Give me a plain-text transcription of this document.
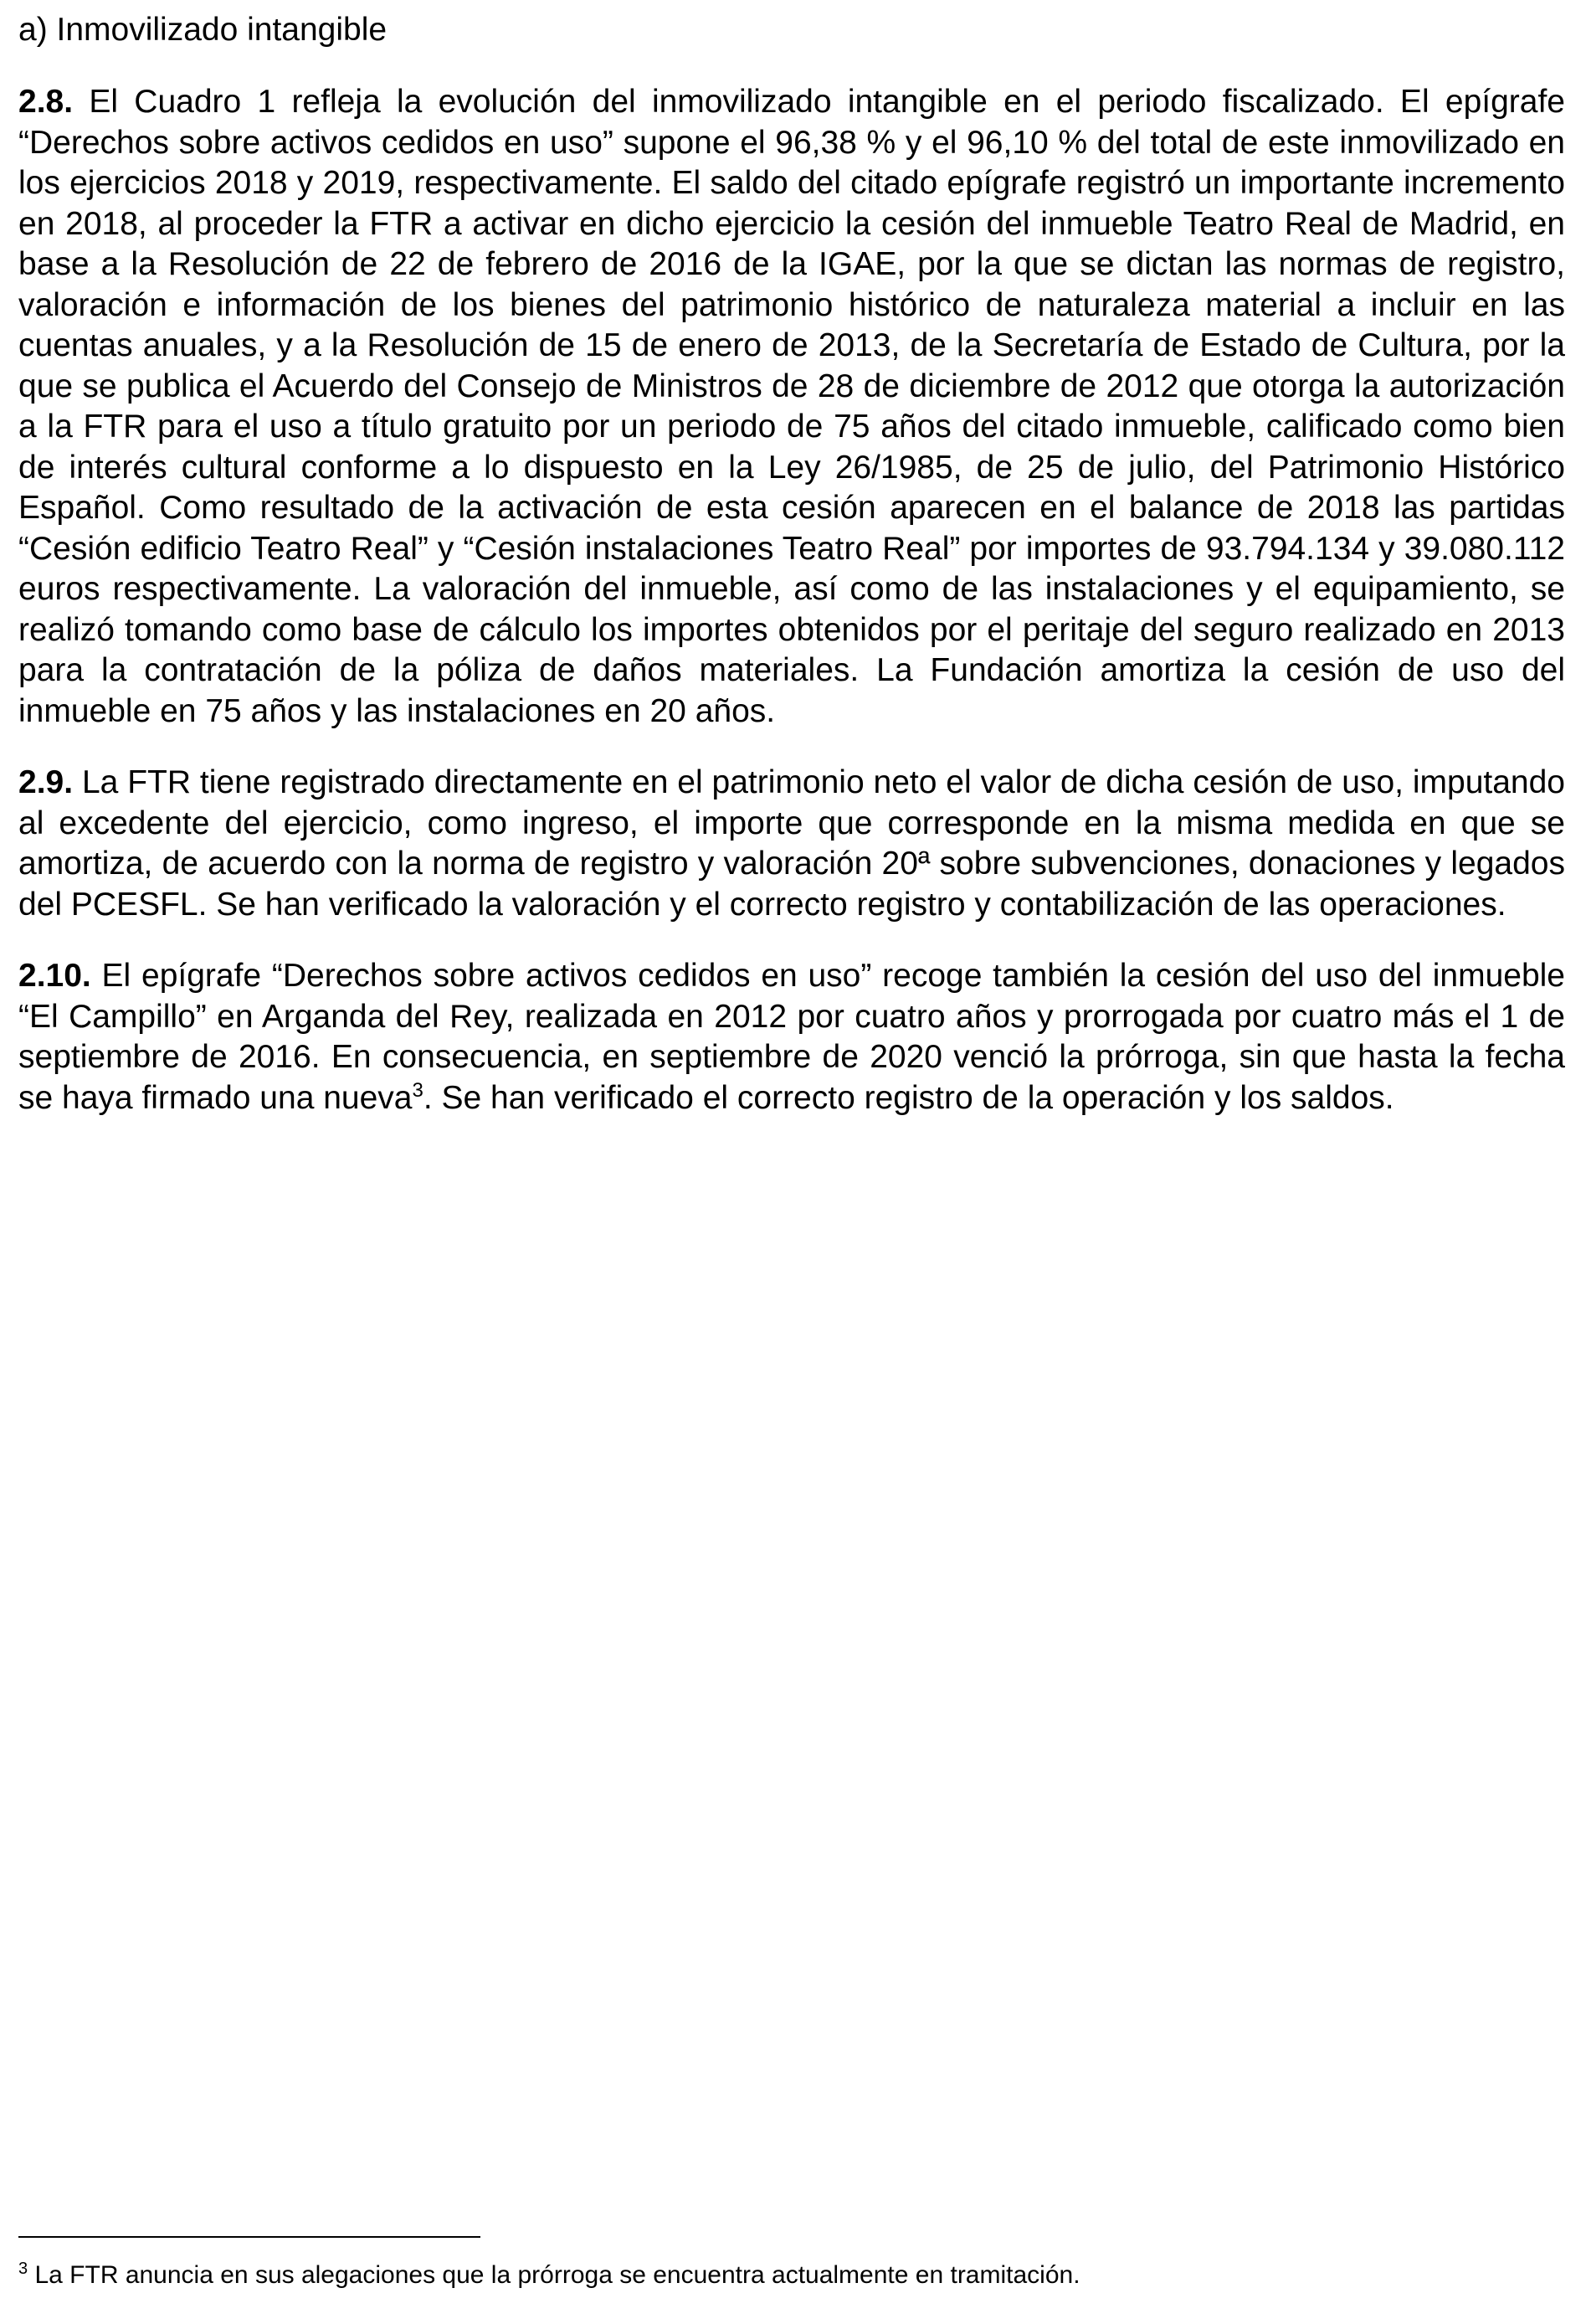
a) Inmovilizado intangible

2.8. El Cuadro 1 refleja la evolución del inmovilizado intangible en el periodo fiscalizado. El epígrafe “Derechos sobre activos cedidos en uso” supone el 96,38 % y el 96,10 % del total de este inmovilizado en los ejercicios 2018 y 2019, respectivamente. El saldo del citado epígrafe registró un importante incremento en 2018, al proceder la FTR a activar en dicho ejercicio la cesión del inmueble Teatro Real de Madrid, en base a la Resolución de 22 de febrero de 2016 de la IGAE, por la que se dictan las normas de registro, valoración e información de los bienes del patrimonio histórico de naturaleza material a incluir en las cuentas anuales, y a la Resolución de 15 de enero de 2013, de la Secretaría de Estado de Cultura, por la que se publica el Acuerdo del Consejo de Ministros de 28 de diciembre de 2012 que otorga la autorización a la FTR para el uso a título gratuito por un periodo de 75 años del citado inmueble, calificado como bien de interés cultural conforme a lo dispuesto en la Ley 26/1985, de 25 de julio, del Patrimonio Histórico Español. Como resultado de la activación de esta cesión aparecen en el balance de 2018 las partidas “Cesión edificio Teatro Real” y “Cesión instalaciones Teatro Real” por importes de 93.794.134 y 39.080.112 euros respectivamente. La valoración del inmueble, así como de las instalaciones y el equipamiento, se realizó tomando como base de cálculo los importes obtenidos por el peritaje del seguro realizado en 2013 para la contratación de la póliza de daños materiales. La Fundación amortiza la cesión de uso del inmueble en 75 años y las instalaciones en 20 años.

2.9. La FTR tiene registrado directamente en el patrimonio neto el valor de dicha cesión de uso, imputando al excedente del ejercicio, como ingreso, el importe que corresponde en la misma medida en que se amortiza, de acuerdo con la norma de registro y valoración 20ª sobre subvenciones, donaciones y legados del PCESFL. Se han verificado la valoración y el correcto registro y contabilización de las operaciones.

2.10. El epígrafe “Derechos sobre activos cedidos en uso” recoge también la cesión del uso del inmueble “El Campillo” en Arganda del Rey, realizada en 2012 por cuatro años y prorrogada por cuatro más el 1 de septiembre de 2016. En consecuencia, en septiembre de 2020 venció la prórroga, sin que hasta la fecha se haya firmado una nueva$^3$. Se han verificado el correcto registro de la operación y los saldos.

$^3$ La FTR anuncia en sus alegaciones que la prórroga se encuentra actualmente en tramitación.
